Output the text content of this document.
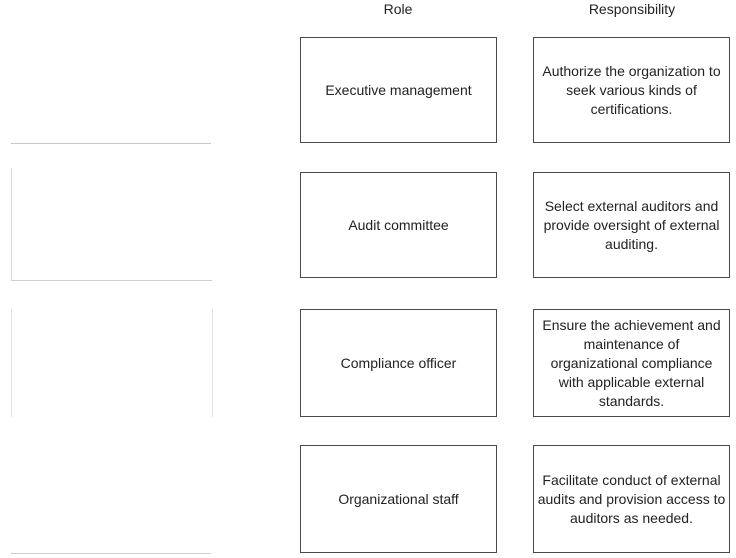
Role	Responsibility
Executive management
Authorize the organization to seek various kinds of certifications.
Audit committee
Select external auditors and provide oversight of external auditing.
Compliance officer
Ensure the achievement and maintenance of organizational compliance with applicable external standards.
Organizational staff
Facilitate conduct of external audits and provision access to auditors as needed.
